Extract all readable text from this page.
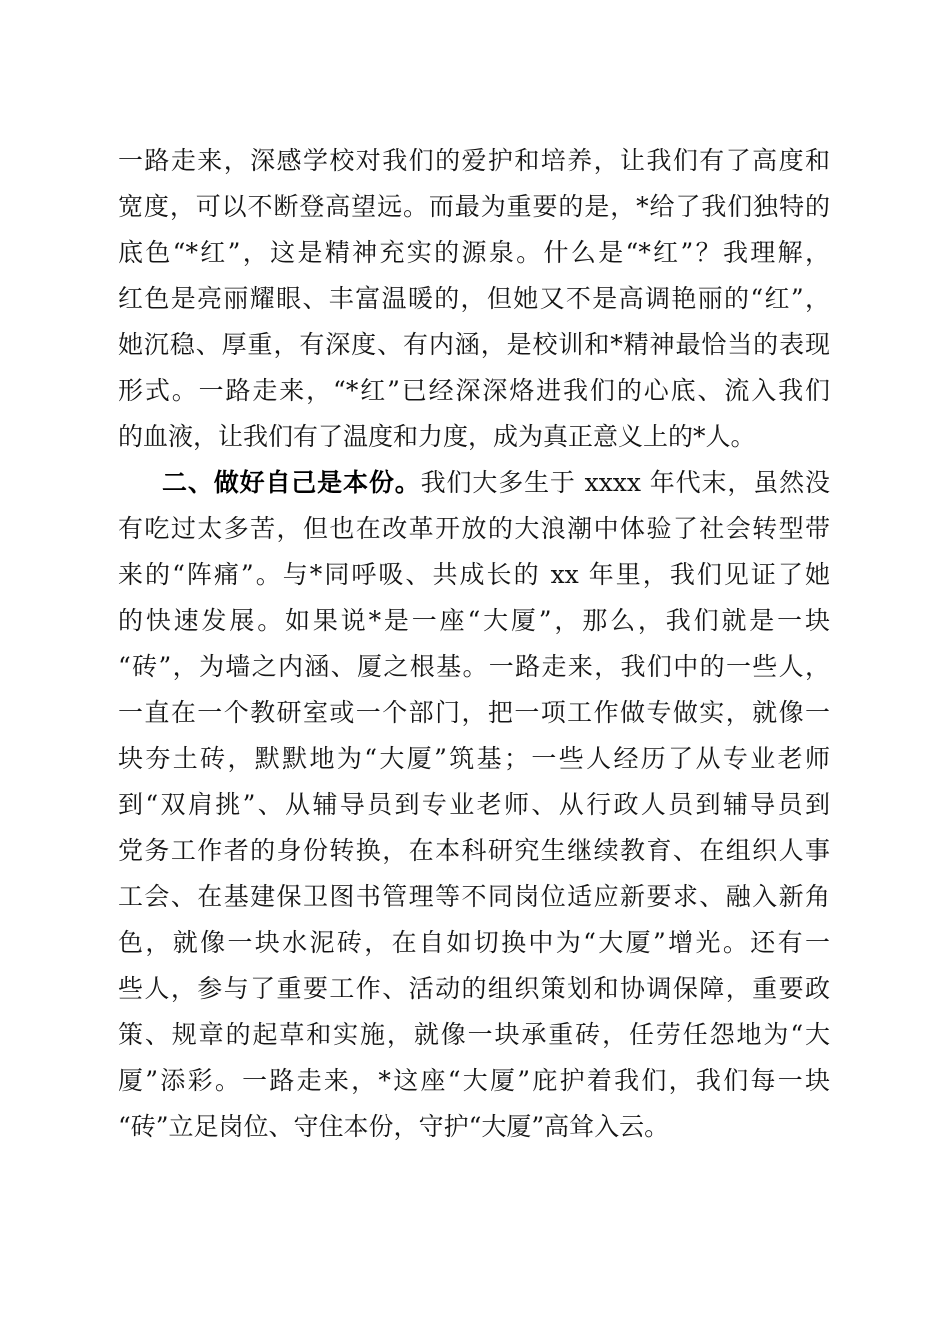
一路走来，深感学校对我们的爱护和培养，让我们有了高度和
宽度，可以不断登高望远。而最为重要的是，*给了我们独特的
底色“*红”，这是精神充实的源泉。什么是“*红”？我理解，
红色是亮丽耀眼、丰富温暖的，但她又不是高调艳丽的“红”，
她沉稳、厚重，有深度、有内涵，是校训和*精神最恰当的表现
形式。一路走来，“*红”已经深深烙进我们的心底、流入我们
的血液，让我们有了温度和力度，成为真正意义上的*人。
二、做好自己是本份。我们大多生于 xxxx 年代末，虽然没
有吃过太多苦，但也在改革开放的大浪潮中体验了社会转型带
来的“阵痛”。与*同呼吸、共成长的 xx 年里，我们见证了她
的快速发展。如果说*是一座“大厦”，那么，我们就是一块
“砖”，为墙之内涵、厦之根基。一路走来，我们中的一些人，
一直在一个教研室或一个部门，把一项工作做专做实，就像一
块夯土砖，默默地为“大厦”筑基；一些人经历了从专业老师
到“双肩挑”、从辅导员到专业老师、从行政人员到辅导员到
党务工作者的身份转换，在本科研究生继续教育、在组织人事
工会、在基建保卫图书管理等不同岗位适应新要求、融入新角
色，就像一块水泥砖，在自如切换中为“大厦”增光。还有一
些人，参与了重要工作、活动的组织策划和协调保障，重要政
策、规章的起草和实施，就像一块承重砖，任劳任怨地为“大
厦”添彩。一路走来，*这座“大厦”庇护着我们，我们每一块
“砖”立足岗位、守住本份，守护“大厦”高耸入云。
